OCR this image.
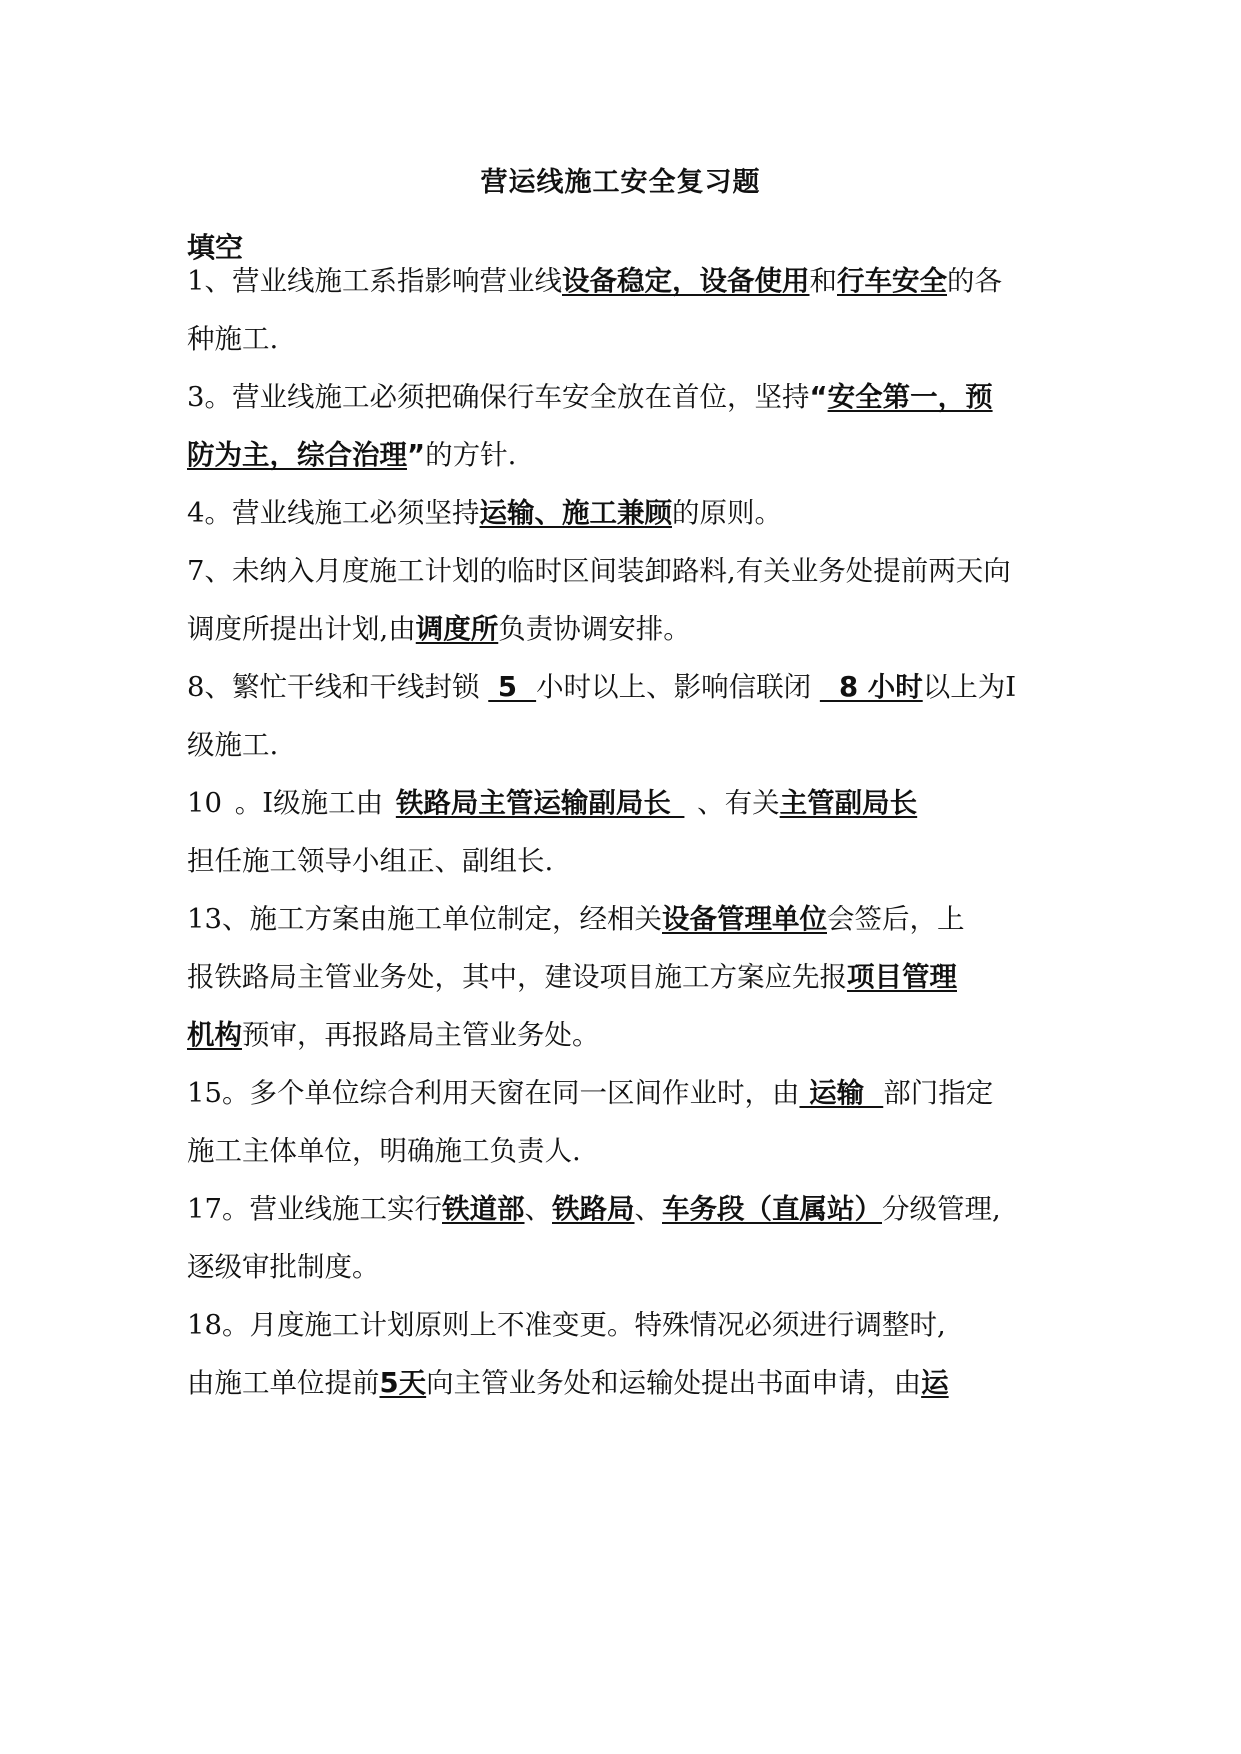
营运线施工安全复习题
填空

1、营业线施工系指影响营业线设备稳定，设备使用和行车安全的各

种施工.

3。营业线施工必须把确保行车安全放在首位，坚持“安全第一，预

防为主，综合治理”的方针.

4。营业线施工必须坚持运输、施工兼顾的原则。

7、未纳入月度施工计划的临时区间装卸路料,有关业务处提前两天向

调度所提出计划,由调度所负责协调安排。

8、繁忙干线和干线封锁  5  小时以上、影响信联闭   8 小时以上为Ⅰ

级施工.

10 。Ⅰ级施工由 铁路局主管运输副局长  、有关主管副局长

担任施工领导小组正、副组长.

13、施工方案由施工单位制定，经相关设备管理单位会签后，上

报铁路局主管业务处，其中，建设项目施工方案应先报项目管理

机构预审，再报路局主管业务处。

15。多个单位综合利用天窗在同一区间作业时，由 运输  部门指定

施工主体单位，明确施工负责人.

17。营业线施工实行铁道部、铁路局、车务段（直属站）分级管理,

逐级审批制度。

18。月度施工计划原则上不准变更。特殊情况必须进行调整时,

由施工单位提前5天向主管业务处和运输处提出书面申请，由运
